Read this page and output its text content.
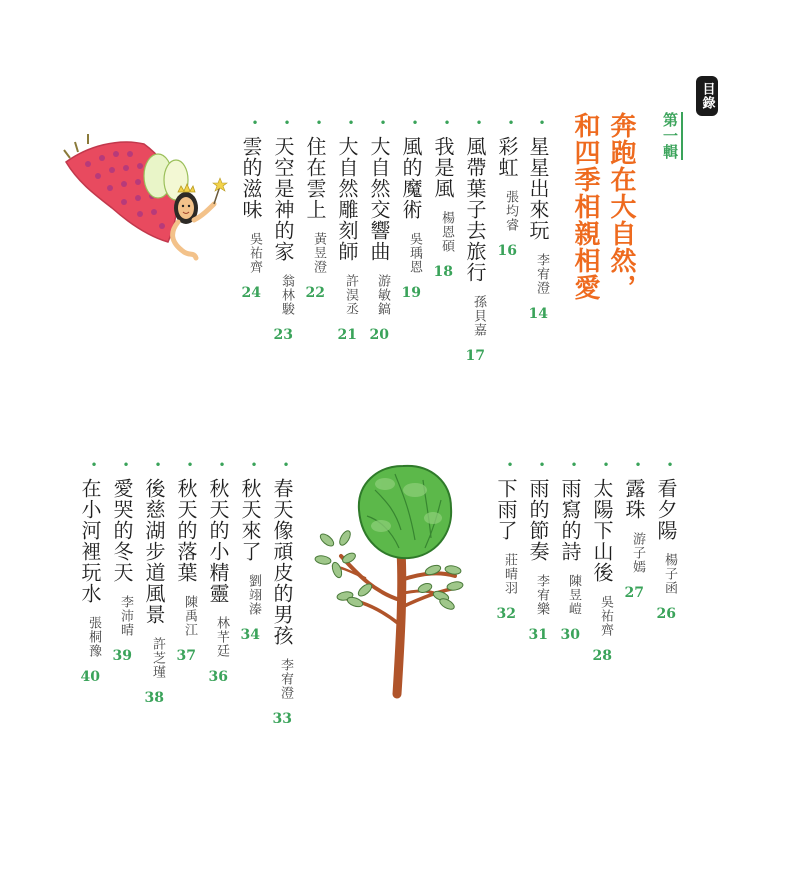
目錄
第一輯
奔跑在大自然，
和四季相親相愛
•
星星出來玩
李宥澄
14
•
彩虹
張均睿
16
•
風帶葉子去旅行
孫貝嘉
17
•
我是風
楊恩碩
18
•
風的魔術
吳瑀恩
19
•
大自然交響曲
游敏鎬
20
•
大自然雕刻師
許淏丞
21
•
住在雲上
黃昱澄
22
•
天空是神的家
翁林駿
23
•
雲的滋味
吳祐齊
24
•
看夕陽
楊子函
26
•
露珠
游子嫣
27
•
太陽下山後
吳祐齊
28
•
雨寫的詩
陳昱嵦
30
•
雨的節奏
李宥樂
31
•
下雨了
莊晴羽
32
•
春天像頑皮的男孩
李宥澄
33
•
秋天來了
劉翊溱
34
•
秋天的小精靈
林芊廷
36
•
秋天的落葉
陳禹江
37
•
後慈湖步道風景
許芝瑾
38
•
愛哭的冬天
李沛晴
39
•
在小河裡玩水
張桐豫
40
